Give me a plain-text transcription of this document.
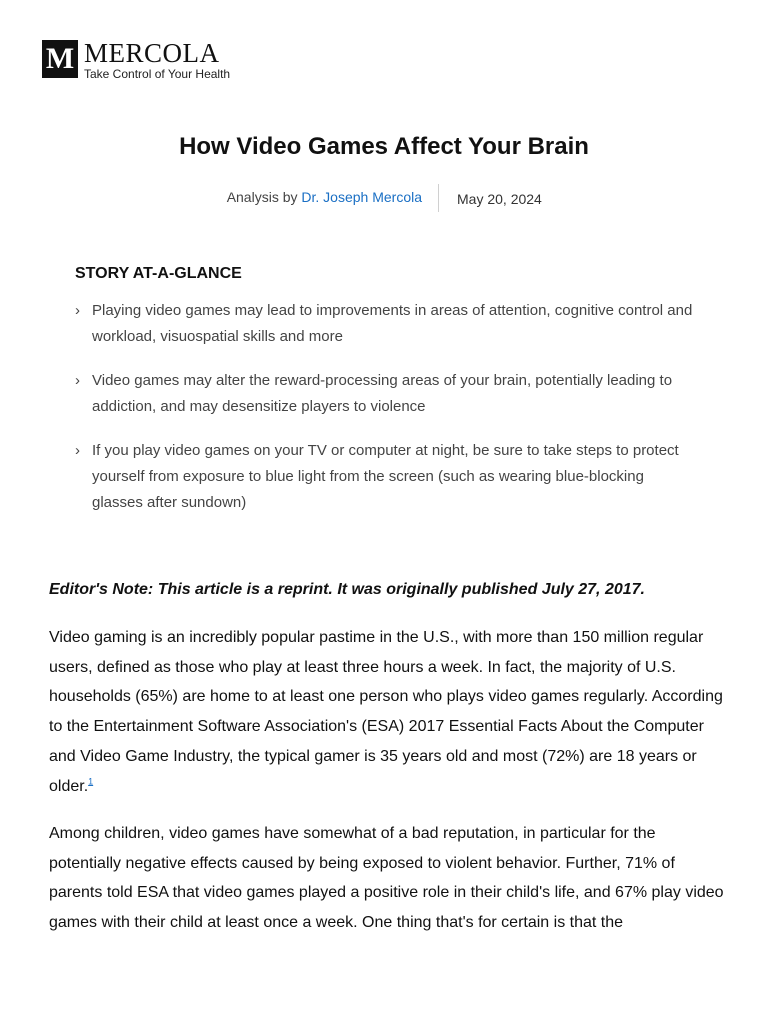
M MERCOLA
Take Control of Your Health
How Video Games Affect Your Brain
Analysis by Dr. Joseph Mercola	May 20, 2024
STORY AT-A-GLANCE
› Playing video games may lead to improvements in areas of attention, cognitive control and workload, visuospatial skills and more
› Video games may alter the reward-processing areas of your brain, potentially leading to addiction, and may desensitize players to violence
› If you play video games on your TV or computer at night, be sure to take steps to protect yourself from exposure to blue light from the screen (such as wearing blue-blocking glasses after sundown)

Editor's Note: This article is a reprint. It was originally published July 27, 2017.

Video gaming is an incredibly popular pastime in the U.S., with more than 150 million regular users, defined as those who play at least three hours a week. In fact, the majority of U.S. households (65%) are home to at least one person who plays video games regularly. According to the Entertainment Software Association's (ESA) 2017 Essential Facts About the Computer and Video Game Industry, the typical gamer is 35 years old and most (72%) are 18 years or older.$^1$

Among children, video games have somewhat of a bad reputation, in particular for the potentially negative effects caused by being exposed to violent behavior. Further, 71% of parents told ESA that video games played a positive role in their child's life, and 67% play video games with their child at least once a week. One thing that's for certain is that the
